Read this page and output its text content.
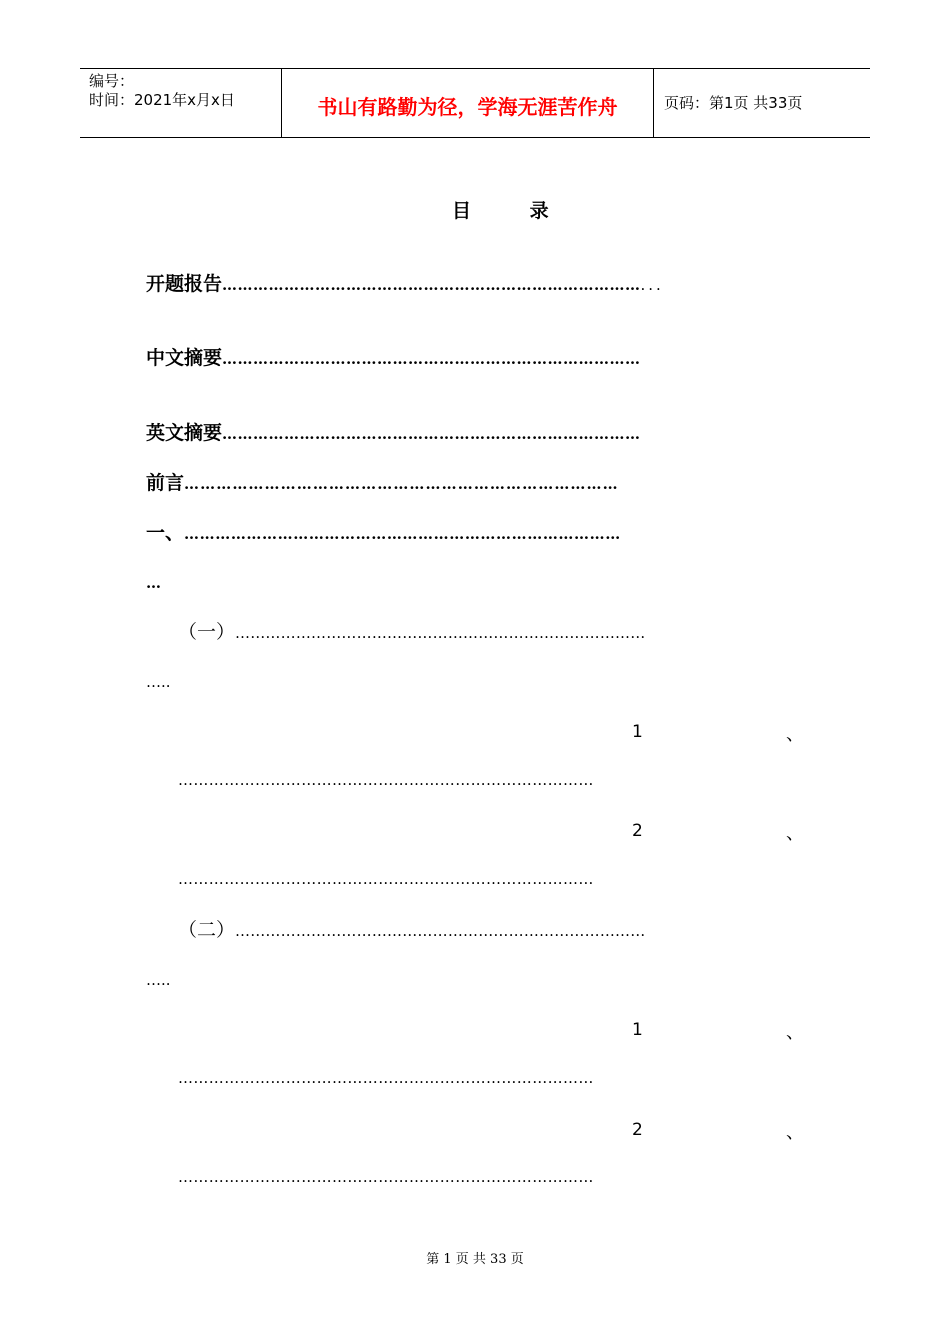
编号：
时间：2021年x月x日	书山有路勤为径，学海无涯苦作舟	页码：第1页 共33页
目 录
开题报告………………………………………………………………………...
中文摘要………………………………………………………………………
英文摘要………………………………………………………………………
前言………………………………………………………………………
一、…………………………………………………………………………
…
（一）………………………………………………………………………
…..
1	、
………………………………………………………………………
2	、
………………………………………………………………………
（二）………………………………………………………………………
…..
1	、
………………………………………………………………………
2	、
………………………………………………………………………
第 1 页 共 33 页
